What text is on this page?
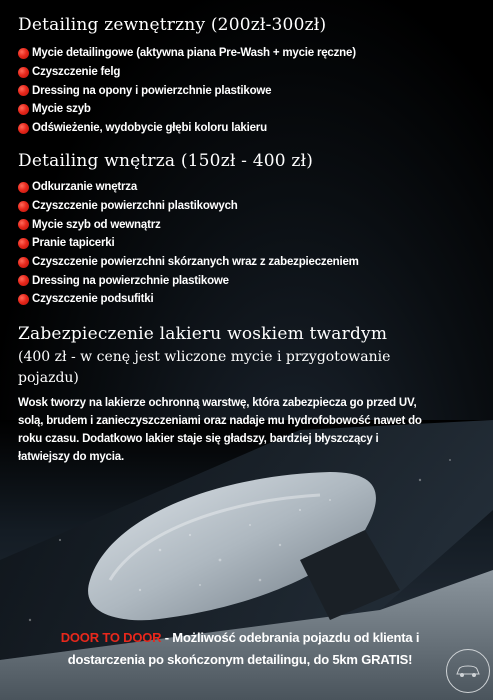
Detailing zewnętrzny (200zł-300zł)
Mycie detailingowe (aktywna piana Pre-Wash + mycie ręczne)
Czyszczenie felg
Dressing na opony i powierzchnie plastikowe
Mycie szyb
Odświeżenie, wydobycie głębi koloru lakieru
Detailing wnętrza (150zł - 400 zł)
Odkurzanie wnętrza
Czyszczenie powierzchni plastikowych
Mycie szyb od wewnątrz
Pranie tapicerki
Czyszczenie powierzchni skórzanych wraz z zabezpieczeniem
Dressing na powierzchnie plastikowe
Czyszczenie podsufitki
Zabezpieczenie lakieru woskiem twardym
(400 zł - w cenę jest wliczone mycie i przygotowanie pojazdu)
Wosk tworzy na lakierze ochronną warstwę, która zabezpiecza go przed UV, solą, brudem i zanieczyszczeniami oraz nadaje mu hydrofobowość nawet do roku czasu. Dodatkowo lakier staje się gładszy, bardziej błyszczący i łatwiejszy do mycia.
DOOR TO DOOR - Możliwość odebrania pojazdu od klienta i dostarczenia po skończonym detailingu, do 5km GRATIS!
